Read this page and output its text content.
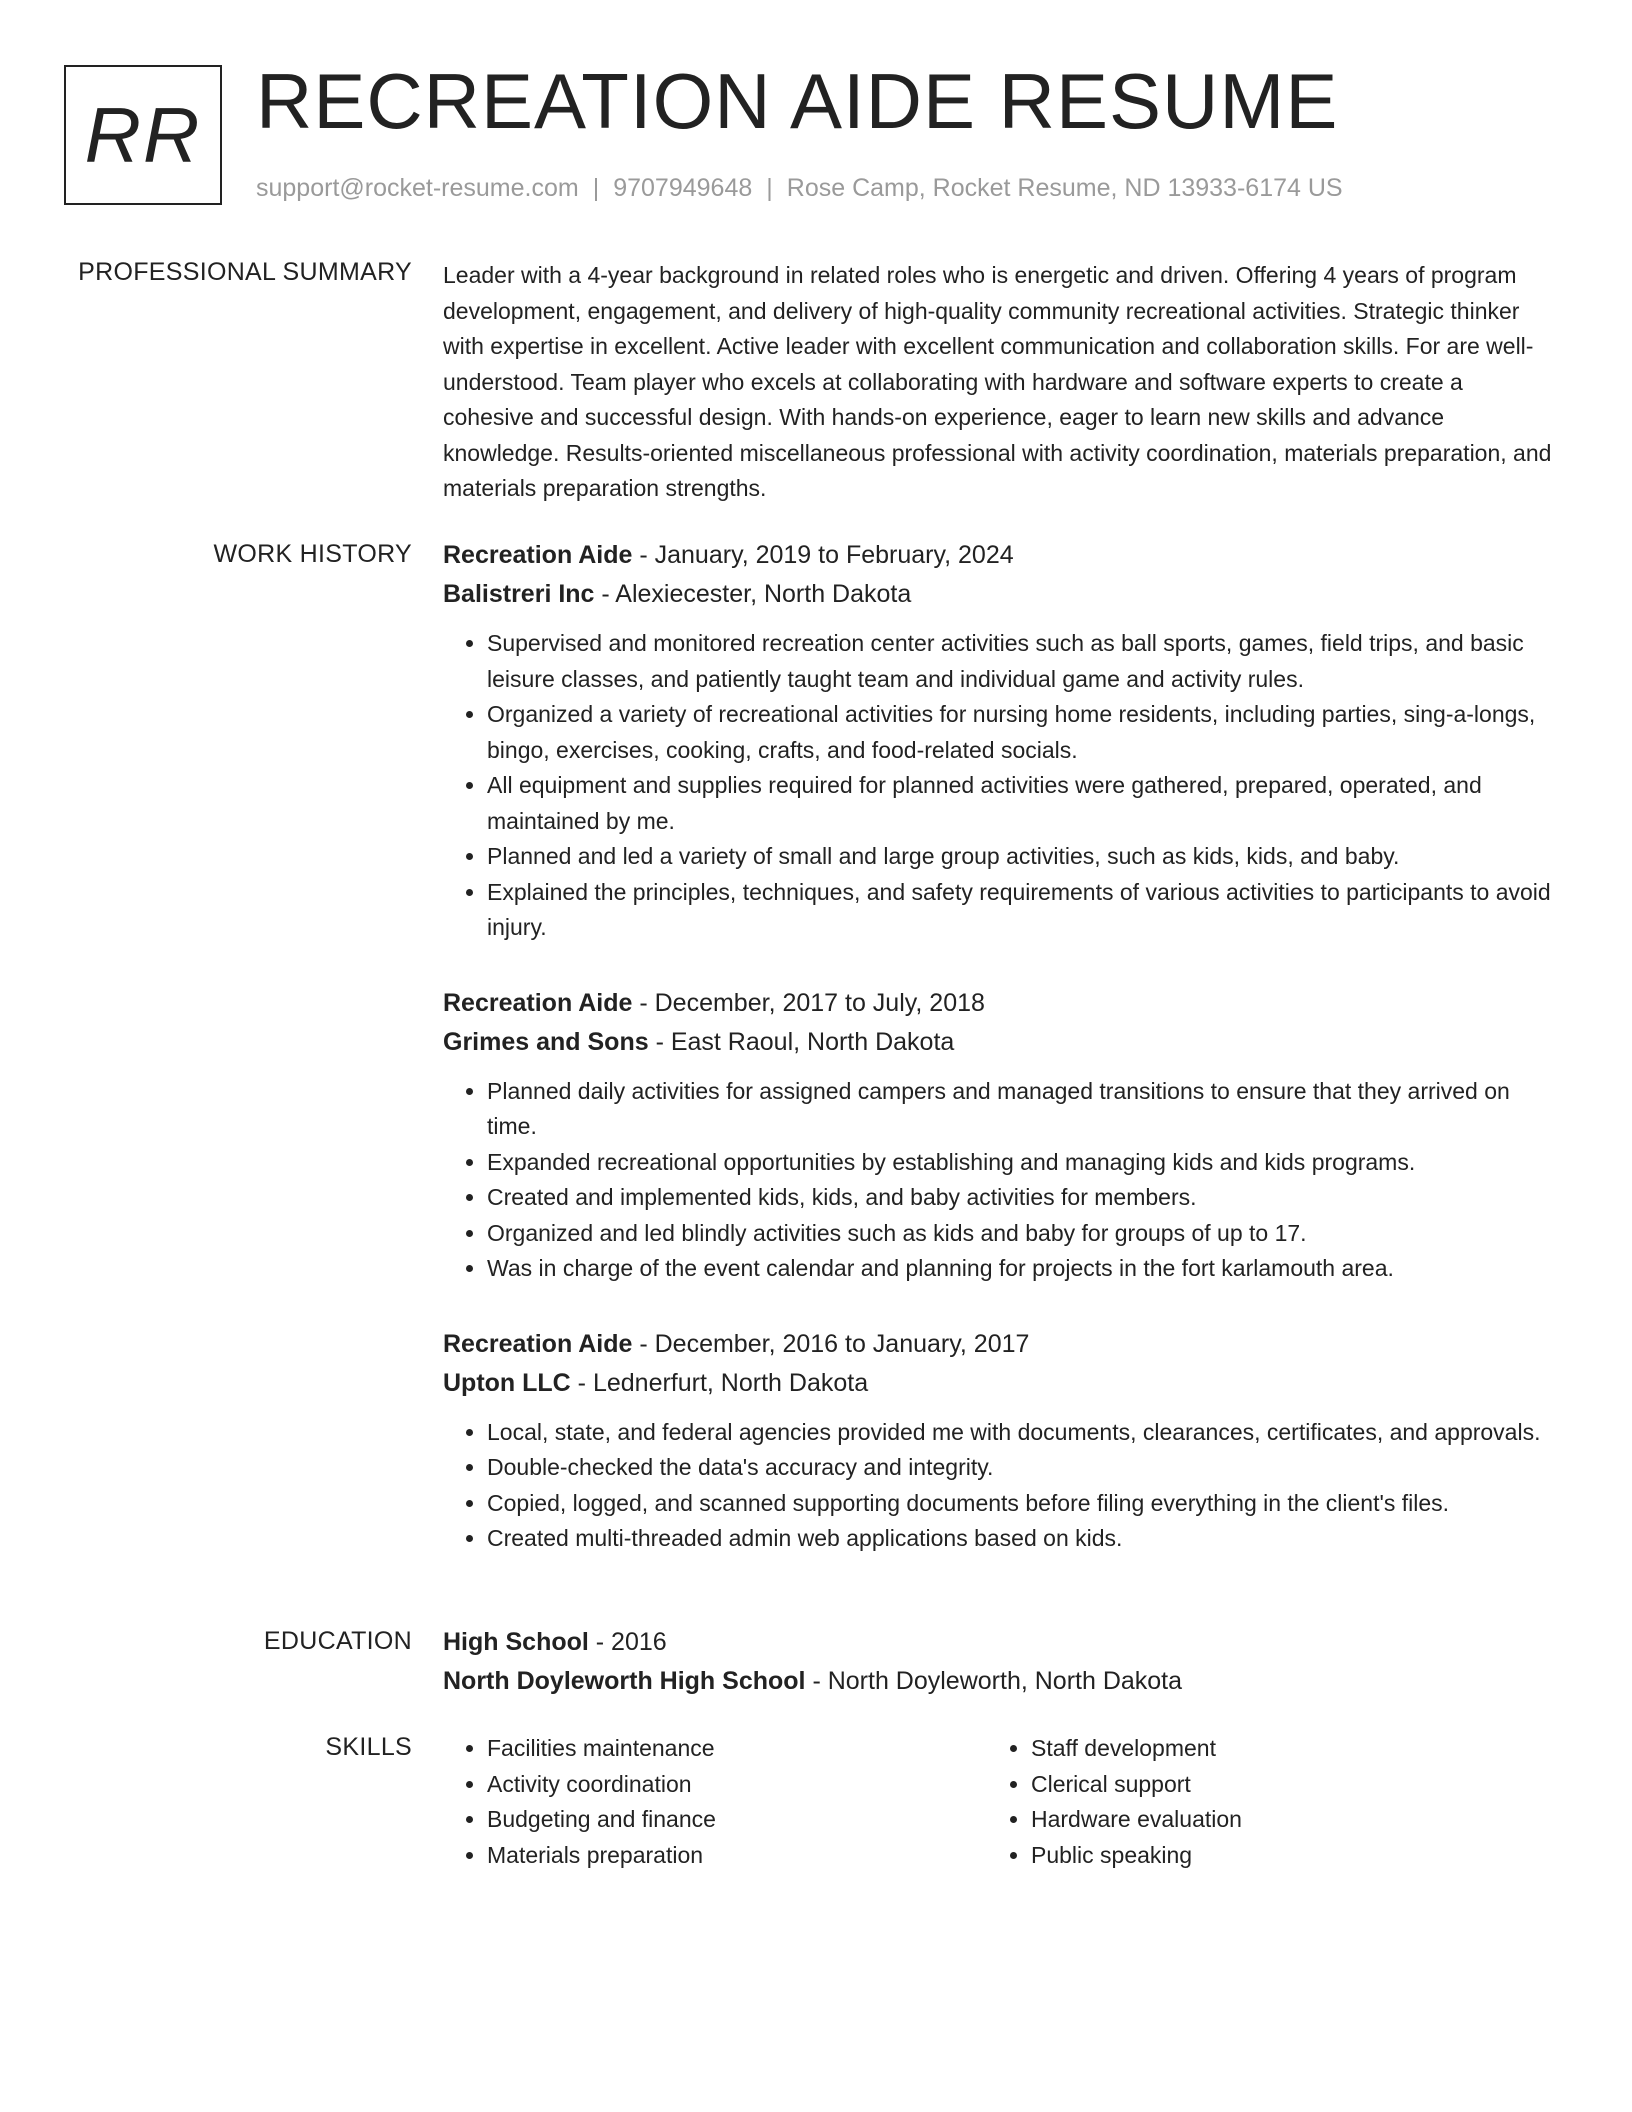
RR RECREATION AIDE RESUME
support@rocket-resume.com | 9707949648 | Rose Camp, Rocket Resume, ND 13933-6174 US
PROFESSIONAL SUMMARY Leader with a 4-year background in related roles who is energetic and driven. Offering 4 years of program development, engagement, and delivery of high-quality community recreational activities. Strategic thinker with expertise in excellent. Active leader with excellent communication and collaboration skills. For are well-understood. Team player who excels at collaborating with hardware and software experts to create a cohesive and successful design. With hands-on experience, eager to learn new skills and advance knowledge. Results-oriented miscellaneous professional with activity coordination, materials preparation, and materials preparation strengths.

WORK HISTORY Recreation Aide - January, 2019 to February, 2024
Balistreri Inc - Alexiecester, North Dakota
• Supervised and monitored recreation center activities such as ball sports, games, field trips, and basic leisure classes, and patiently taught team and individual game and activity rules.
• Organized a variety of recreational activities for nursing home residents, including parties, sing-a-longs, bingo, exercises, cooking, crafts, and food-related socials.
• All equipment and supplies required for planned activities were gathered, prepared, operated, and maintained by me.
• Planned and led a variety of small and large group activities, such as kids, kids, and baby.
• Explained the principles, techniques, and safety requirements of various activities to participants to avoid injury.
Recreation Aide - December, 2017 to July, 2018
Grimes and Sons - East Raoul, North Dakota
• Planned daily activities for assigned campers and managed transitions to ensure that they arrived on time.
• Expanded recreational opportunities by establishing and managing kids and kids programs.
• Created and implemented kids, kids, and baby activities for members.
• Organized and led blindly activities such as kids and baby for groups of up to 17.
• Was in charge of the event calendar and planning for projects in the fort karlamouth area.
Recreation Aide - December, 2016 to January, 2017
Upton LLC - Lednerfurt, North Dakota
• Local, state, and federal agencies provided me with documents, clearances, certificates, and approvals.
• Double-checked the data's accuracy and integrity.
• Copied, logged, and scanned supporting documents before filing everything in the client's files.
• Created multi-threaded admin web applications based on kids.
EDUCATION High School - 2016
North Doyleworth High School - North Doyleworth, North Dakota
SKILLS
•	Facilities maintenance
• Activity coordination
• Budgeting and finance
• Materials preparation
• Staff development
• Clerical support
• Hardware evaluation
• Public speaking
